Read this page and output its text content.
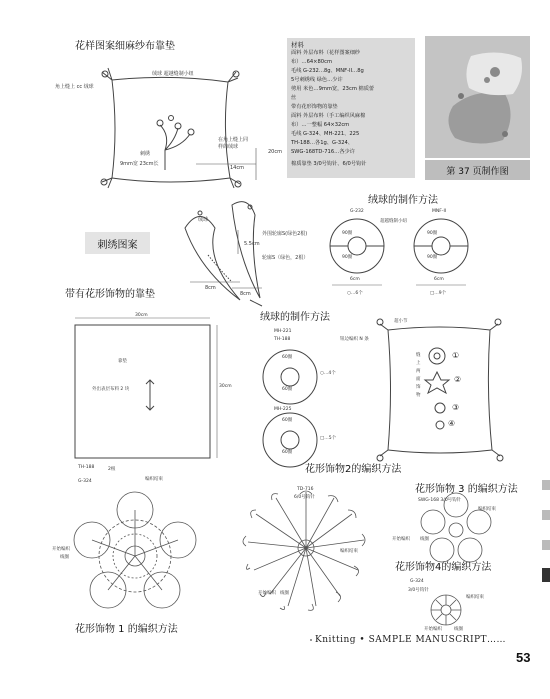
花样图案细麻纱布靠垫
绒球的制作方法
刺绣图案
带有花形饰物的靠垫
绒球的制作方法
花形饰物2的编织方法
花形饰物 3 的编织方法
花形饰物4的编织方法
花形饰物 1 的编织方法
材料
面料 外层布料（花样图案细纱
布）…64×80cm
毛线 G-232…8g、MNF-II…8g
5号刺绣线 绿色…少许
剪用 米色…9mm宽，23cm 棉质蕾
丝
带有花形饰物的靠垫
面料 外层布料（手工编织风麻棉
布）…一整幅 64×32cm
毛线 G-324、MH-221、225
TH-188…各1g、G-324、
SWG-168TD-716…各少许
棉质靠垫 3/0号钩针、6/0号钩针
第 37 页制作图
绒球 超越缝制小纽
角上缝上 cc 绒球
刺绣
9mm宽 23cm长
在角上缝上同
样的绒球
14cm
20cm
绒球
外围轮廓S(绿色2根)
5.5cm
轮廓S（绿色，2根）
8cm
8cm
G-232
90圈
90圈
6cm
○…6个
MNF-II
90圈
90圈
6cm
□…9个
超越缝制小纽
30cm
30cm
靠垫
外出表层布料 2 块
MH-221
TH-188
60圈
60圈
○…4个
MH-225
60圈
60圈
□…5个
超小节
钮边编织 N 条
缝上两面饰物
①
②
③
④
TH-188
G-324
2根
编织结束
开始编织
线圈
TD-716
6/0号钩针
编织结束
开始编织 线圈
SWG-168 3/0号钩针
编织结束
开始编织 线圈
G-324
3/0号钩针
编织结束
开始编织	线圈
Knitting • SAMPLE MANUSCRIPT……
53
